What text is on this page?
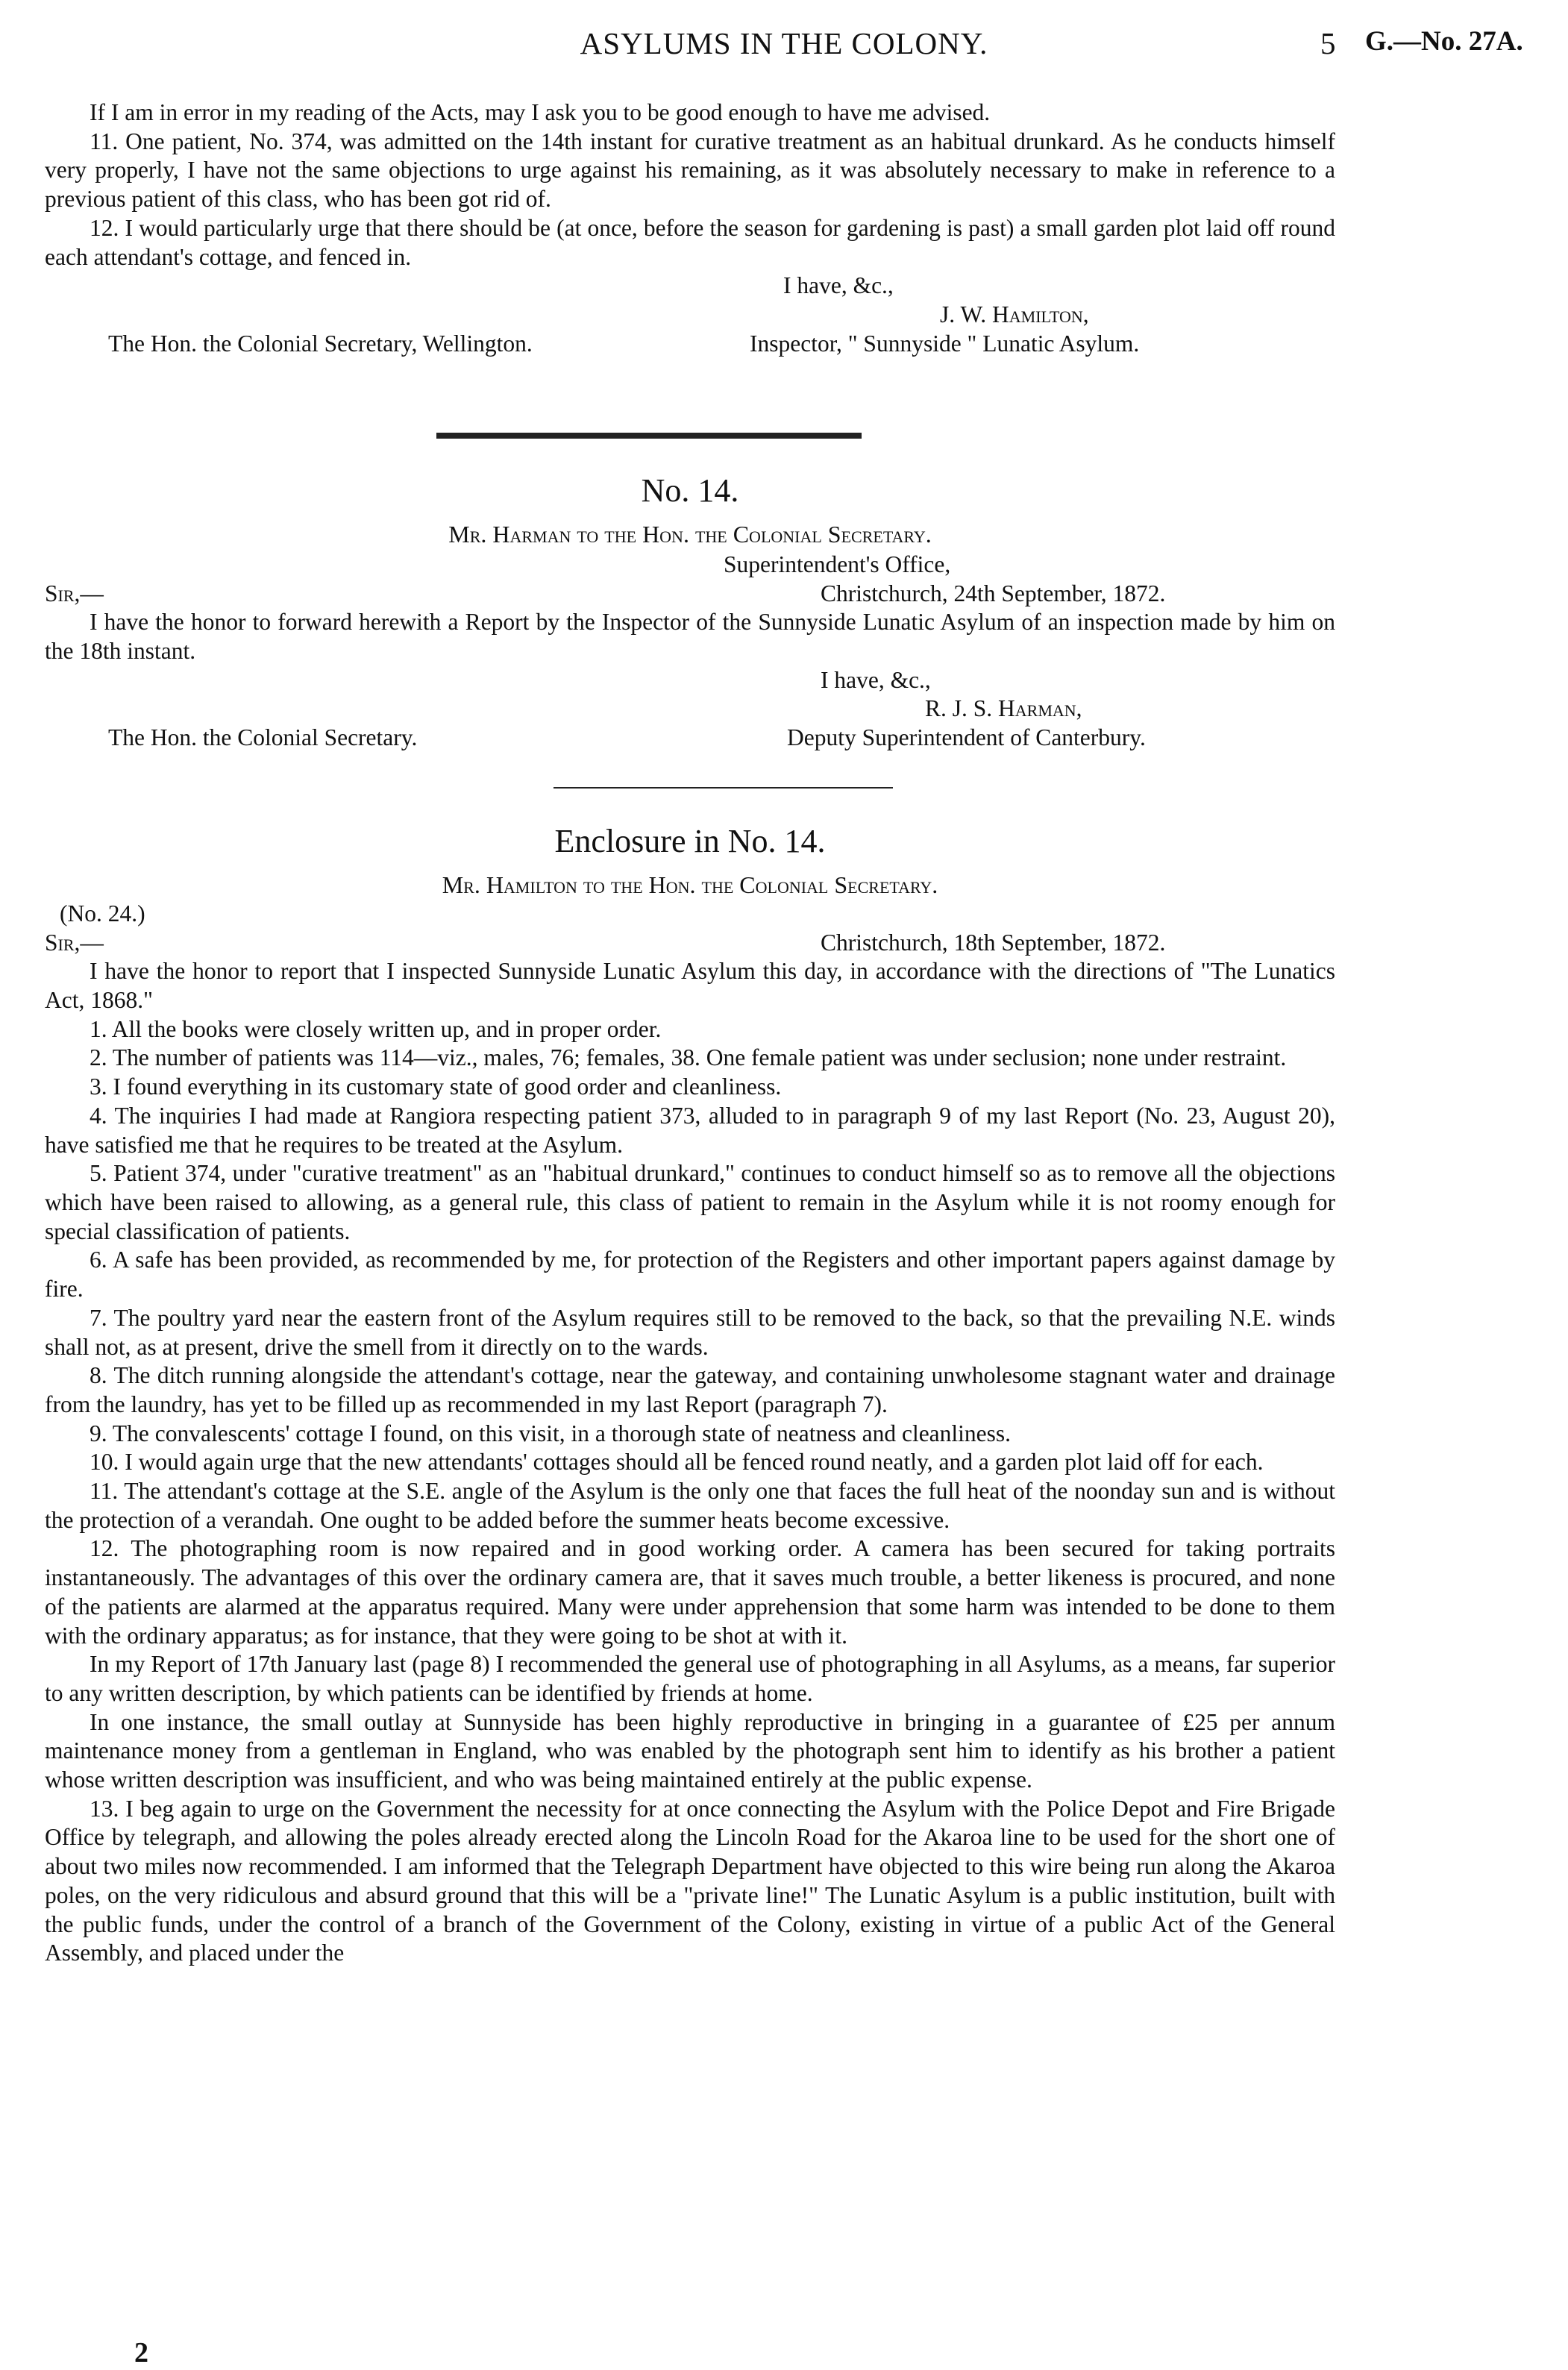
ASYLUMS IN THE COLONY.	5 G.—No. 27A.

If I am in error in my reading of the Acts, may I ask you to be good enough to have me advised.

11. One patient, No. 374, was admitted on the 14th instant for curative treatment as an habitual drunkard. As he conducts himself very properly, I have not the same objections to urge against his remaining, as it was absolutely necessary to make in reference to a previous patient of this class, who has been got rid of.

12. I would particularly urge that there should be (at once, before the season for gardening is past) a small garden plot laid off round each attendant's cottage, and fenced in.

I have, &c.,
J. W. Hamilton,
The Hon. the Colonial Secretary, Wellington.	Inspector, " Sunnyside " Lunatic Asylum.
No. 14.
Mr. Harman to the Hon. the Colonial Secretary.
Superintendent's Office,
Sir,—	Christchurch, 24th September, 1872.

I have the honor to forward herewith a Report by the Inspector of the Sunnyside Lunatic Asylum of an inspection made by him on the 18th instant.

I have, &c.,
R. J. S. Harman,
The Hon. the Colonial Secretary.	Deputy Superintendent of Canterbury.
Enclosure in No. 14.
Mr. Hamilton to the Hon. the Colonial Secretary.
(No. 24.)
Sir,—	Christchurch, 18th September, 1872.

I have the honor to report that I inspected Sunnyside Lunatic Asylum this day, in accordance with the directions of "The Lunatics Act, 1868."

1. All the books were closely written up, and in proper order.

2. The number of patients was 114—viz., males, 76; females, 38. One female patient was under seclusion; none under restraint.

3. I found everything in its customary state of good order and cleanliness.

4. The inquiries I had made at Rangiora respecting patient 373, alluded to in paragraph 9 of my last Report (No. 23, August 20), have satisfied me that he requires to be treated at the Asylum.

5. Patient 374, under "curative treatment" as an "habitual drunkard," continues to conduct himself so as to remove all the objections which have been raised to allowing, as a general rule, this class of patient to remain in the Asylum while it is not roomy enough for special classification of patients.

6. A safe has been provided, as recommended by me, for protection of the Registers and other important papers against damage by fire.

7. The poultry yard near the eastern front of the Asylum requires still to be removed to the back, so that the prevailing N.E. winds shall not, as at present, drive the smell from it directly on to the wards.

8. The ditch running alongside the attendant's cottage, near the gateway, and containing unwholesome stagnant water and drainage from the laundry, has yet to be filled up as recommended in my last Report (paragraph 7).

9. The convalescents' cottage I found, on this visit, in a thorough state of neatness and cleanliness.

10. I would again urge that the new attendants' cottages should all be fenced round neatly, and a garden plot laid off for each.

11. The attendant's cottage at the S.E. angle of the Asylum is the only one that faces the full heat of the noonday sun and is without the protection of a verandah. One ought to be added before the summer heats become excessive.

12. The photographing room is now repaired and in good working order. A camera has been secured for taking portraits instantaneously. The advantages of this over the ordinary camera are, that it saves much trouble, a better likeness is procured, and none of the patients are alarmed at the apparatus required. Many were under apprehension that some harm was intended to be done to them with the ordinary apparatus; as for instance, that they were going to be shot at with it.

In my Report of 17th January last (page 8) I recommended the general use of photographing in all Asylums, as a means, far superior to any written description, by which patients can be identified by friends at home.

In one instance, the small outlay at Sunnyside has been highly reproductive in bringing in a guarantee of £25 per annum maintenance money from a gentleman in England, who was enabled by the photograph sent him to identify as his brother a patient whose written description was insufficient, and who was being maintained entirely at the public expense.

13. I beg again to urge on the Government the necessity for at once connecting the Asylum with the Police Depot and Fire Brigade Office by telegraph, and allowing the poles already erected along the Lincoln Road for the Akaroa line to be used for the short one of about two miles now recommended. I am informed that the Telegraph Department have objected to this wire being run along the Akaroa poles, on the very ridiculous and absurd ground that this will be a "private line!" The Lunatic Asylum is a public institution, built with the public funds, under the control of a branch of the Government of the Colony, existing in virtue of a public Act of the General Assembly, and placed under the

2
